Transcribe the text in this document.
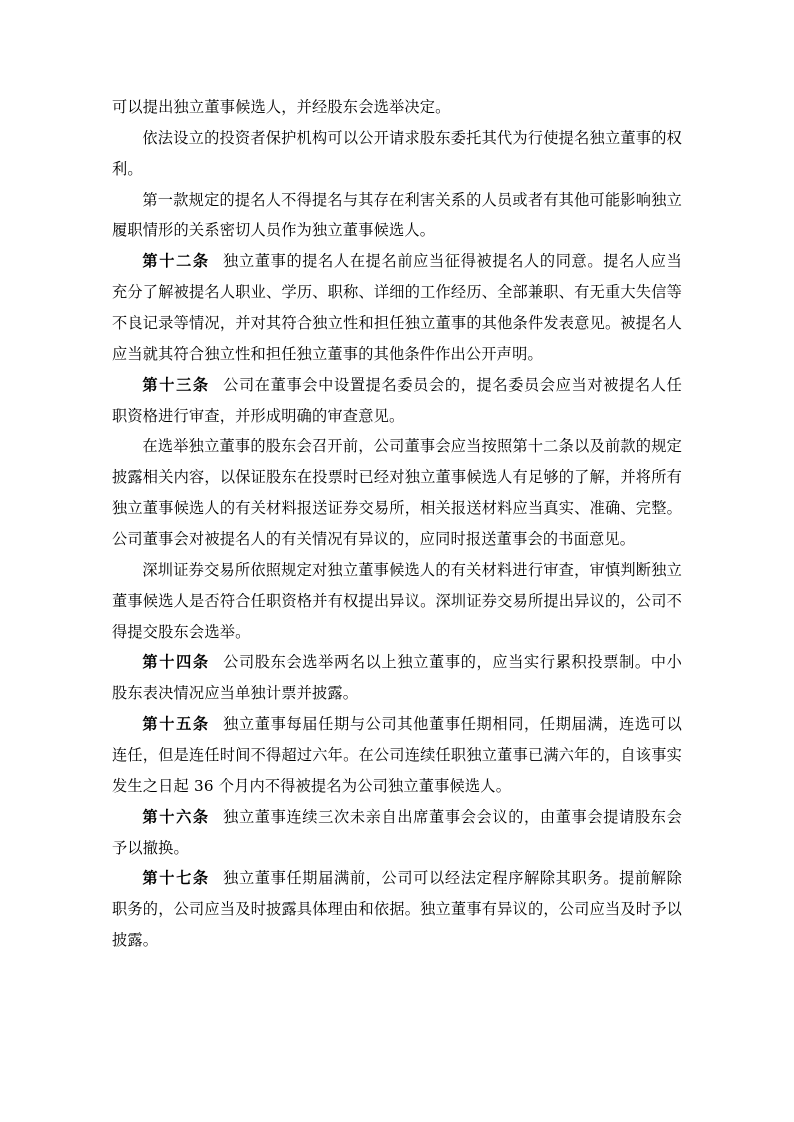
可以提出独立董事候选人，并经股东会选举决定。

依法设立的投资者保护机构可以公开请求股东委托其代为行使提名独立董事的权利。

第一款规定的提名人不得提名与其存在利害关系的人员或者有其他可能影响独立履职情形的关系密切人员作为独立董事候选人。

第十二条 独立董事的提名人在提名前应当征得被提名人的同意。提名人应当充分了解被提名人职业、学历、职称、详细的工作经历、全部兼职、有无重大失信等不良记录等情况，并对其符合独立性和担任独立董事的其他条件发表意见。被提名人应当就其符合独立性和担任独立董事的其他条件作出公开声明。

第十三条 公司在董事会中设置提名委员会的，提名委员会应当对被提名人任职资格进行审查，并形成明确的审查意见。

在选举独立董事的股东会召开前，公司董事会应当按照第十二条以及前款的规定披露相关内容，以保证股东在投票时已经对独立董事候选人有足够的了解，并将所有独立董事候选人的有关材料报送证券交易所，相关报送材料应当真实、准确、完整。公司董事会对被提名人的有关情况有异议的，应同时报送董事会的书面意见。

深圳证券交易所依照规定对独立董事候选人的有关材料进行审查，审慎判断独立董事候选人是否符合任职资格并有权提出异议。深圳证券交易所提出异议的，公司不得提交股东会选举。

第十四条 公司股东会选举两名以上独立董事的，应当实行累积投票制。中小股东表决情况应当单独计票并披露。

第十五条 独立董事每届任期与公司其他董事任期相同，任期届满，连选可以连任，但是连任时间不得超过六年。在公司连续任职独立董事已满六年的，自该事实发生之日起 36 个月内不得被提名为公司独立董事候选人。

第十六条 独立董事连续三次未亲自出席董事会会议的，由董事会提请股东会予以撤换。

第十七条 独立董事任期届满前，公司可以经法定程序解除其职务。提前解除职务的，公司应当及时披露具体理由和依据。独立董事有异议的，公司应当及时予以披露。
